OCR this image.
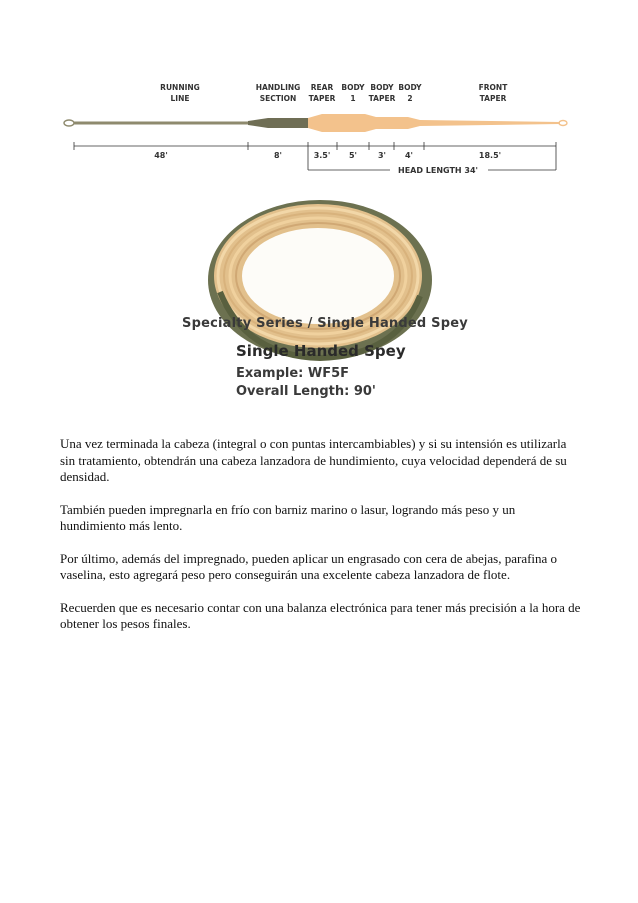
RUNNING
LINE
HANDLING
SECTION
REAR
TAPER
BODY
1
BODY
TAPER
BODY
2
FRONT
TAPER
48'	8'	3.5' 5'	3' 4'	18.5'
HEAD LENGTH 34'
Specialty Series / Single Handed Spey
Single Handed Spey
Example: WF5F
Overall Length: 90'

Una vez terminada la cabeza (integral o con puntas intercambiables) y si su intensión es utilizarla sin tratamiento, obtendrán una cabeza lanzadora de hundimiento, cuya velocidad dependerá de su densidad.

También pueden impregnarla en frío con barniz marino o lasur, logrando más peso y un hundimiento más lento.

Por último, además del impregnado, pueden aplicar un engrasado con cera de abejas, parafina o vaselina, esto agregará peso pero conseguirán una excelente cabeza lanzadora de flote.

Recuerden que es necesario contar con una balanza electrónica para tener más precisión a la hora de obtener los pesos finales.
